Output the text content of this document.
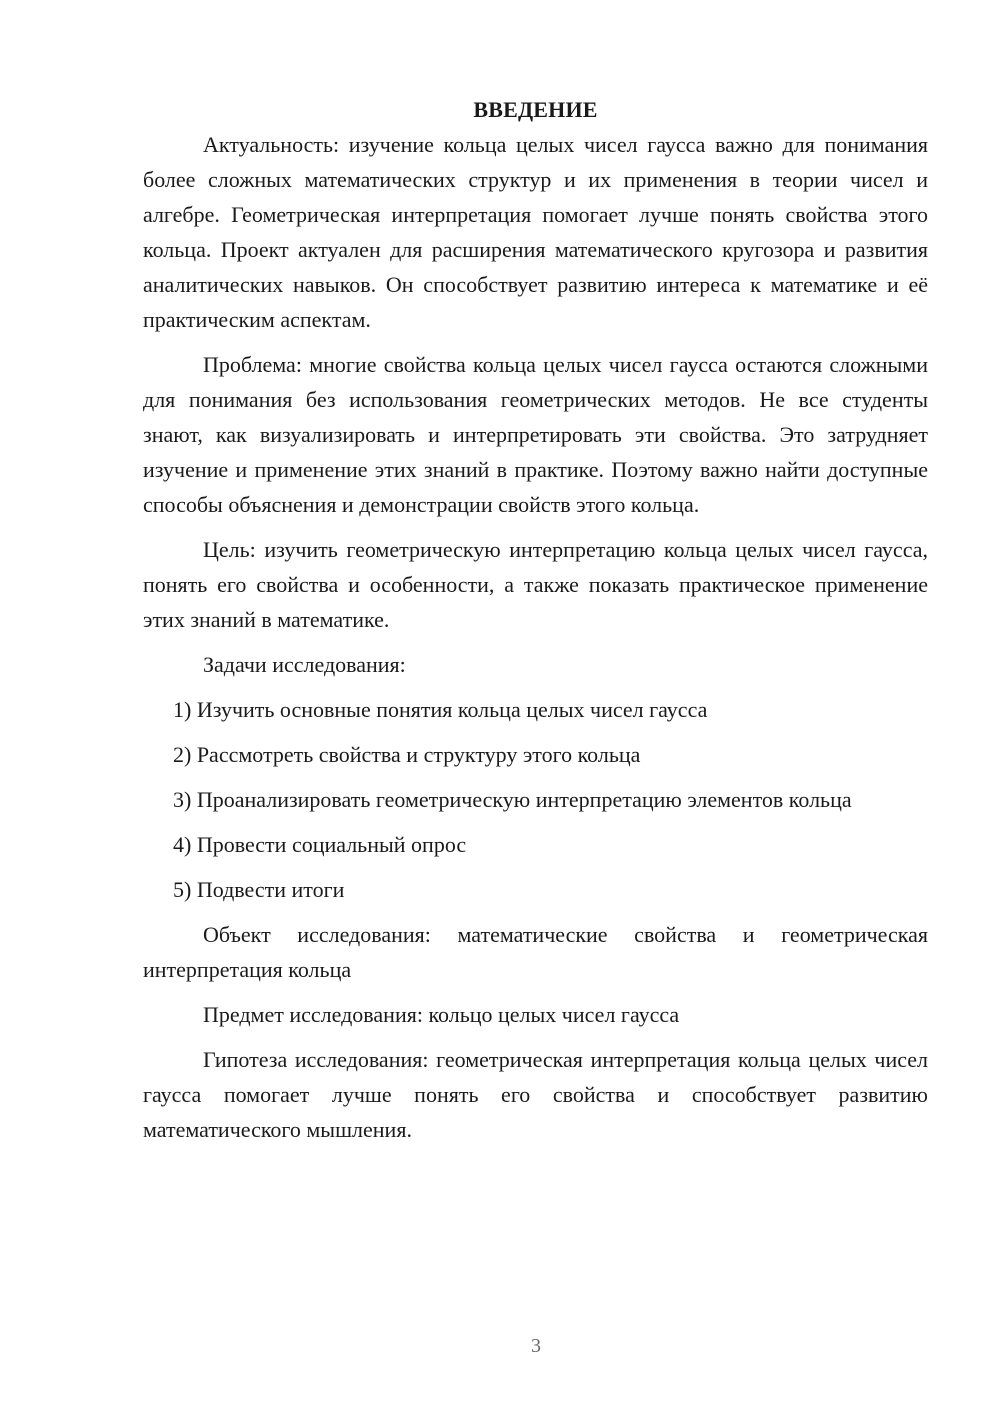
ВВЕДЕНИЕ

Актуальность: изучение кольца целых чисел гаусса важно для понимания более сложных математических структур и их применения в теории чисел и алгебре. Геометрическая интерпретация помогает лучше понять свойства этого кольца. Проект актуален для расширения математического кругозора и развития аналитических навыков. Он способствует развитию интереса к математике и её практическим аспектам.

Проблема: многие свойства кольца целых чисел гаусса остаются сложными для понимания без использования геометрических методов. Не все студенты знают, как визуализировать и интерпретировать эти свойства. Это затрудняет изучение и применение этих знаний в практике. Поэтому важно найти доступные способы объяснения и демонстрации свойств этого кольца.

Цель: изучить геометрическую интерпретацию кольца целых чисел гаусса, понять его свойства и особенности, а также показать практическое применение этих знаний в математике.

Задачи исследования:

1) Изучить основные понятия кольца целых чисел гаусса

2) Рассмотреть свойства и структуру этого кольца

3) Проанализировать геометрическую интерпретацию элементов кольца

4) Провести социальный опрос

5) Подвести итоги

Объект исследования: математические свойства и геометрическая интерпретация кольца

Предмет исследования: кольцо целых чисел гаусса

Гипотеза исследования: геометрическая интерпретация кольца целых чисел гаусса помогает лучше понять его свойства и способствует развитию математического мышления.

3
